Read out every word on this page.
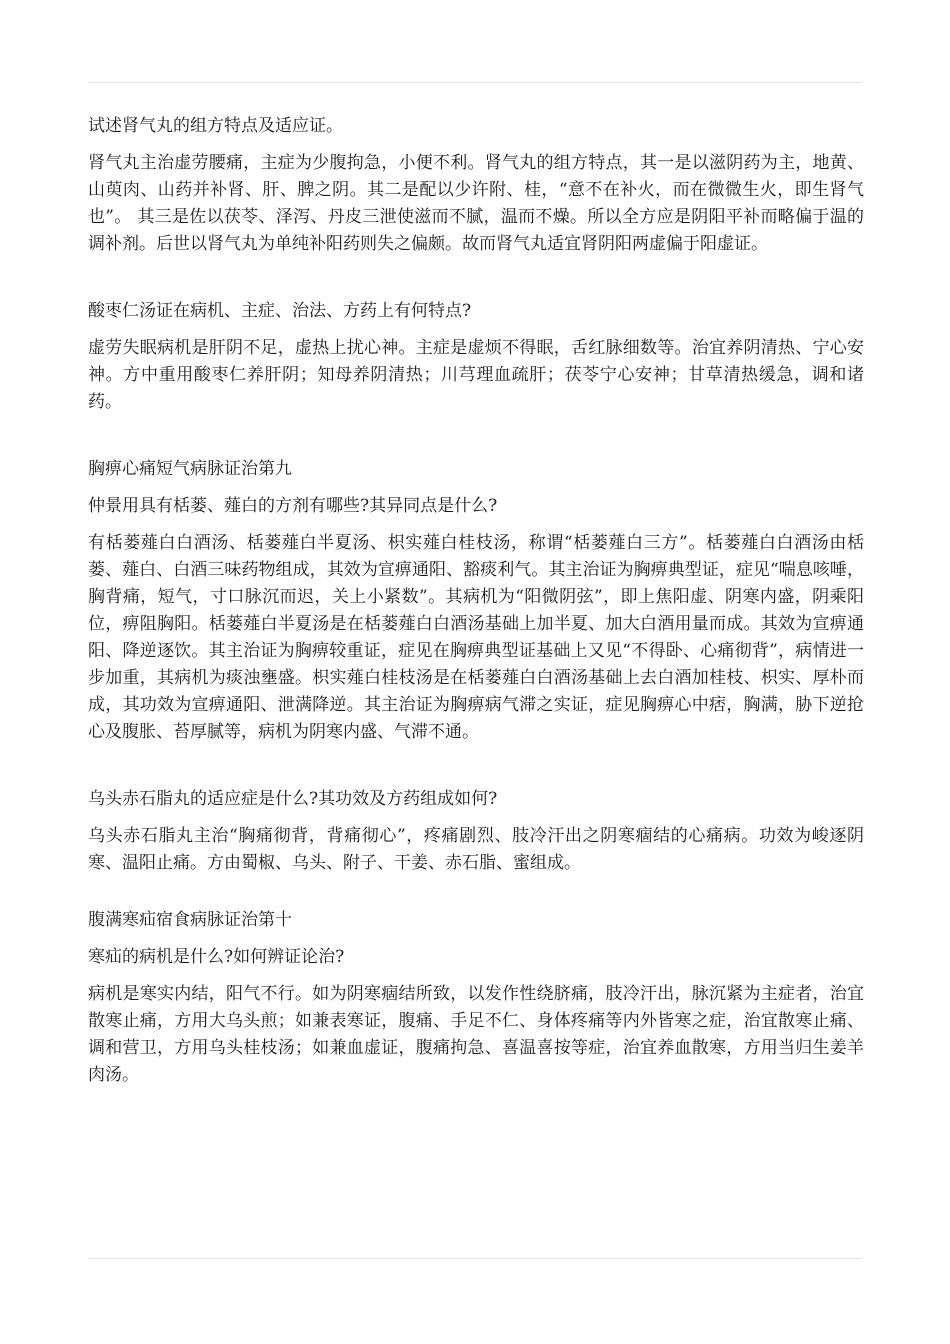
试述肾气丸的组方特点及适应证。

肾气丸主治虚劳腰痛，主症为少腹拘急，小便不利。肾气丸的组方特点，其一是以滋阴药为主，地黄、山萸肉、山药并补肾、肝、脾之阴。其二是配以少许附、桂，“意不在补火，而在微微生火，即生肾气也”。 其三是佐以茯苓、泽泻、丹皮三泄使滋而不腻，温而不燥。所以全方应是阴阳平补而略偏于温的调补剂。后世以肾气丸为单纯补阳药则失之偏颇。故而肾气丸适宜肾阴阳两虚偏于阳虚证。

酸枣仁汤证在病机、主症、治法、方药上有何特点?

虚劳失眠病机是肝阴不足，虚热上扰心神。主症是虚烦不得眠，舌红脉细数等。治宜养阴清热、宁心安神。方中重用酸枣仁养肝阴；知母养阴清热；川芎理血疏肝；茯苓宁心安神；甘草清热缓急，调和诸药。

胸痹心痛短气病脉证治第九

仲景用具有栝蒌、薤白的方剂有哪些?其异同点是什么?

有栝蒌薤白白酒汤、栝蒌薤白半夏汤、枳实薤白桂枝汤，称谓“栝蒌薤白三方”。栝蒌薤白白酒汤由栝蒌、薤白、白酒三味药物组成，其效为宣痹通阳、豁痰利气。其主治证为胸痹典型证，症见“喘息咳唾，胸背痛，短气，寸口脉沉而迟，关上小紧数”。其病机为“阳微阴弦”，即上焦阳虚、阴寒内盛，阴乘阳位，痹阻胸阳。栝蒌薤白半夏汤是在栝蒌薤白白酒汤基础上加半夏、加大白酒用量而成。其效为宣痹通阳、降逆逐饮。其主治证为胸痹较重证，症见在胸痹典型证基础上又见“不得卧、心痛彻背”，病情进一步加重，其病机为痰浊壅盛。枳实薤白桂枝汤是在栝蒌薤白白酒汤基础上去白酒加桂枝、枳实、厚朴而成，其功效为宣痹通阳、泄满降逆。其主治证为胸痹病气滞之实证，症见胸痹心中痞，胸满，胁下逆抢心及腹胀、苔厚腻等，病机为阴寒内盛、气滞不通。

乌头赤石脂丸的适应症是什么?其功效及方药组成如何?

乌头赤石脂丸主治“胸痛彻背，背痛彻心”，疼痛剧烈、肢冷汗出之阴寒痼结的心痛病。功效为峻逐阴寒、温阳止痛。方由蜀椒、乌头、附子、干姜、赤石脂、蜜组成。

腹满寒疝宿食病脉证治第十

寒疝的病机是什么?如何辨证论治?

病机是寒实内结，阳气不行。如为阴寒痼结所致，以发作性绕脐痛，肢冷汗出，脉沉紧为主症者，治宜散寒止痛，方用大乌头煎；如兼表寒证，腹痛、手足不仁、身体疼痛等内外皆寒之症，治宜散寒止痛、调和营卫，方用乌头桂枝汤；如兼血虚证，腹痛拘急、喜温喜按等症，治宜养血散寒，方用当归生姜羊肉汤。
